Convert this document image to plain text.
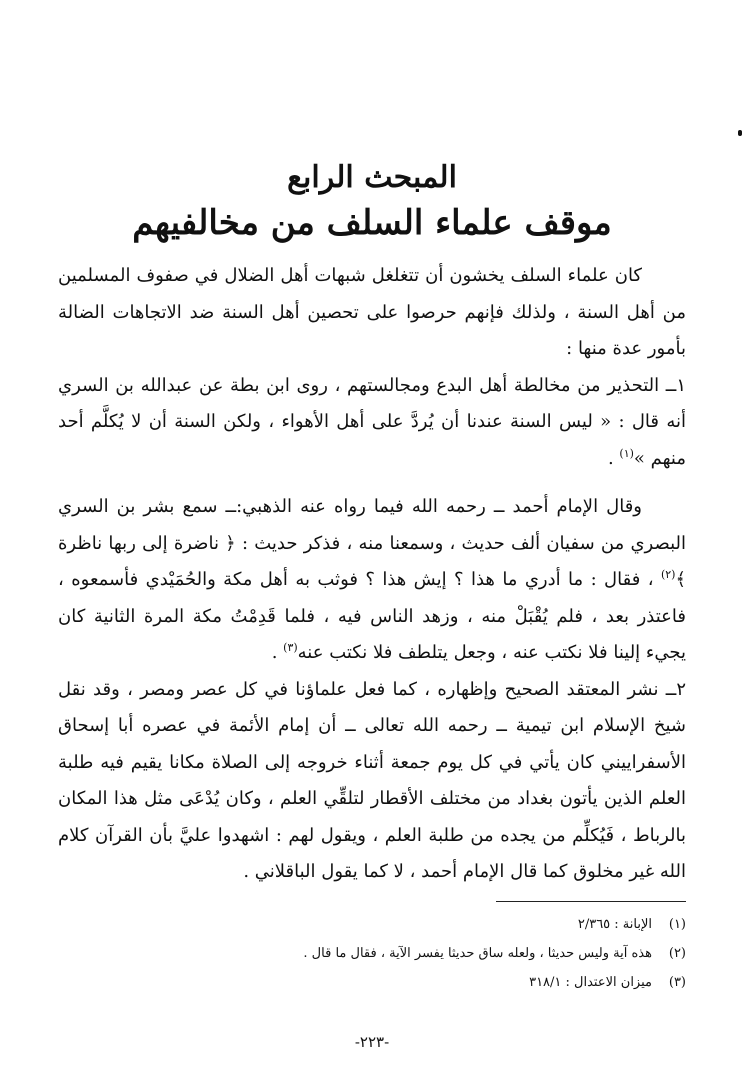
المبحث الرابع
موقف علماء السلف من مخالفيهم

كان علماء السلف يخشون أن تتغلغل شبهات أهل الضلال في صفوف المسلمين من أهل السنة ، ولذلك فإنهم حرصوا على تحصين أهل السنة ضد الاتجاهات الضالة بأمور عدة منها :

١ــ التحذير من مخالطة أهل البدع ومجالستهم ، روى ابن بطة عن عبدالله بن السري أنه قال : « ليس السنة عندنا أن يُردَّ على أهل الأهواء ، ولكن السنة أن لا يُكلَّم أحد منهم »$^{(١)}$ .

وقال الإمام أحمد ــ رحمه الله فيما رواه عنه الذهبي:ــ سمع بشر بن السري البصري من سفيان ألف حديث ، وسمعنا منه ، فذكر حديث : ﴿ ناضرة إلى ربها ناظرة ﴾$^{(٢)}$ ، فقال : ما أدري ما هذا ؟ إيش هذا ؟ فوثب به أهل مكة والحُمَيْدي فأسمعوه ، فاعتذر بعد ، فلم يُقْبَلْ منه ، وزهد الناس فيه ، فلما قَدِمْتُ مكة المرة الثانية كان يجيء إلينا فلا نكتب عنه ، وجعل يتلطف فلا نكتب عنه$^{(٣)}$ .

٢ــ نشر المعتقد الصحيح وإظهاره ، كما فعل علماؤنا في كل عصر ومصر ، وقد نقل شيخ الإسلام ابن تيمية ــ رحمه الله تعالى ــ أن إمام الأئمة في عصره أبا إسحاق الأسفراييني كان يأتي في كل يوم جمعة أثناء خروجه إلى الصلاة مكانا يقيم فيه طلبة العلم الذين يأتون بغداد من مختلف الأقطار لتلقِّي العلم ، وكان يُدْعَى مثل هذا المكان بالرباط ، فَيُكلِّم من يجده من طلبة العلم ، ويقول لهم : اشهدوا عليَّ بأن القرآن كلام الله غير مخلوق كما قال الإمام أحمد ، لا كما يقول الباقلاني .

(١)
الإبانة : ٢/٣٦٥
(٢)
هذه آية وليس حديثا ، ولعله ساق حديثا يفسر الآية ، فقال ما قال .
(٣)
ميزان الاعتدال : ٣١٨/١
-٢٢٣-
